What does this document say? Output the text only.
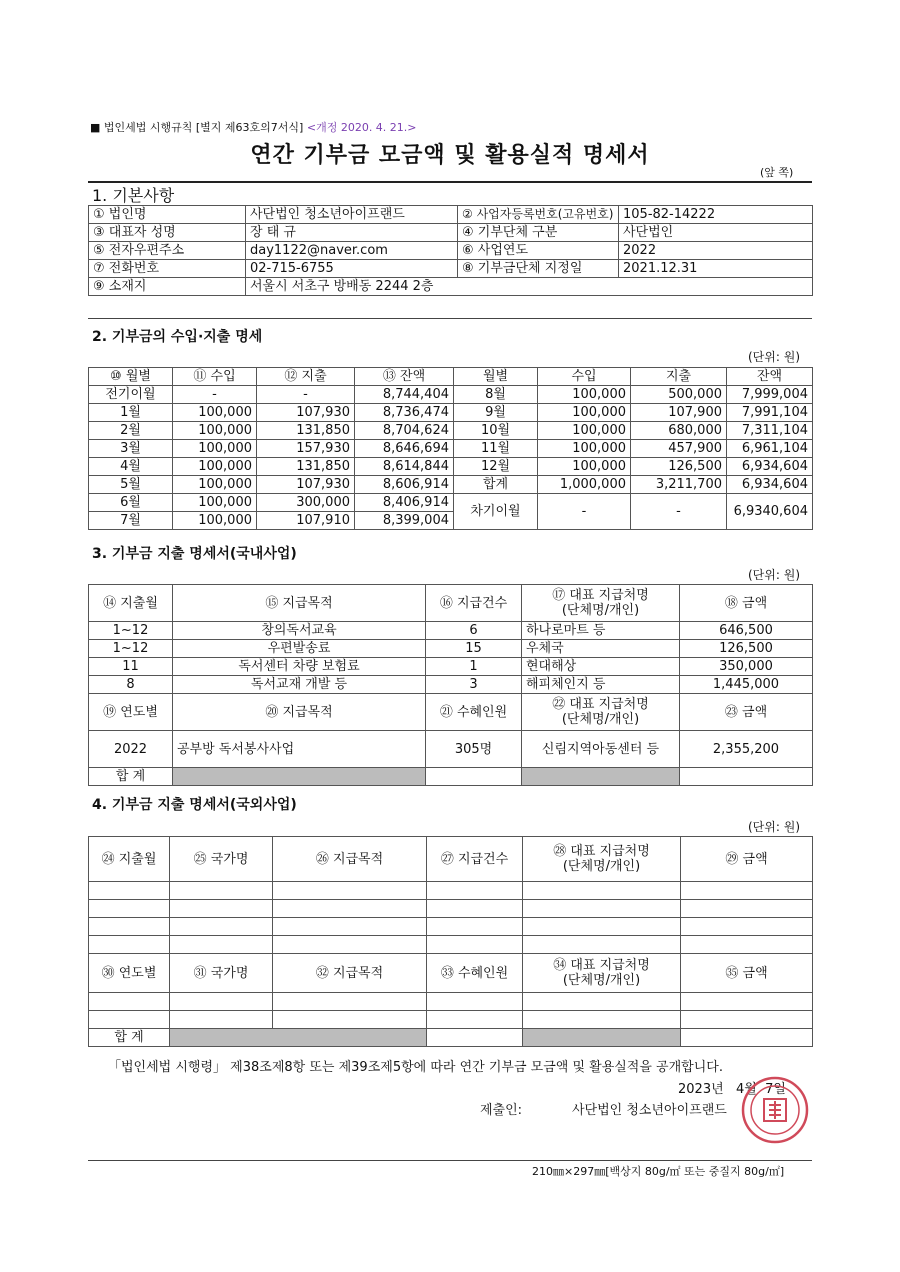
■ 법인세법 시행규칙 [별지 제63호의7서식] <개정 2020. 4. 21.>
연간 기부금 모금액 및 활용실적 명세서
(앞 쪽)
1. 기본사항
① 법인명	사단법인 청소년아이프랜드	② 사업자등록번호(고유번호)	105-82-14222
③ 대표자 성명	장 태 규	④ 기부단체 구분	사단법인
⑤ 전자우편주소	day1122@naver.com	⑥ 사업연도	2022
⑦ 전화번호	02-715-6755	⑧ 기부금단체 지정일	2021.12.31
⑨ 소재지	서울시 서초구 방배동 2244 2층		
2. 기부금의 수입·지출 명세
(단위: 원)
⑩ 월별	⑪ 수입	⑫ 지출	⑬ 잔액	월별	수입	지출	잔액
전기이월	-	-	8,744,404	8월	100,000	500,000	7,999,004
1월	100,000	107,930	8,736,474	9월	100,000	107,900	7,991,104
2월	100,000	131,850	8,704,624	10월	100,000	680,000	7,311,104
3월	100,000	157,930	8,646,694	11월	100,000	457,900	6,961,104
4월	100,000	131,850	8,614,844	12월	100,000	126,500	6,934,604
5월	100,000	107,930	8,606,914	합계	1,000,000	3,211,700	6,934,604
6월	100,000	300,000	8,406,914	차기이월	-	-	6,9340,604
7월	100,000	107,910	8,399,004				
3. 기부금 지출 명세서(국내사업)
(단위: 원)
⑭ 지출월	⑮ 지급목적	⑯ 지급건수	⑰ 대표 지급처명
(단체명/개인)	⑱ 금액
1~12	창의독서교육	6	하나로마트 등	646,500
1~12	우편발송료	15	우체국	126,500
11	독서센터 차량 보험료	1	현대해상	350,000
8	독서교재 개발 등	3	해피체인지 등	1,445,000
⑲ 연도별	⑳ 지급목적	㉑ 수혜인원	㉒ 대표 지급처명
(단체명/개인)	㉓ 금액
2022	공부방 독서봉사사업	305명	신림지역아동센터 등	2,355,200
합 계				
4. 기부금 지출 명세서(국외사업)
(단위: 원)
㉔ 지출월	㉕ 국가명	㉖ 지급목적	㉗ 지급건수	㉘ 대표 지급처명
(단체명/개인)	㉙ 금액

㉚ 연도별	㉛ 국가명	㉜ 지급목적	㉝ 수혜인원	㉞ 대표 지급처명
(단체명/개인)	㉟ 금액

합 계					
「법인세법 시행령」 제38조제8항 또는 제39조제5항에 따라 연간 기부금 모금액 및 활용실적을 공개합니다.
2023년   4월  7일
제출인:	사단법인 청소년아이프랜드
210㎜×297㎜[백상지 80g/㎡ 또는 중질지 80g/㎡]
